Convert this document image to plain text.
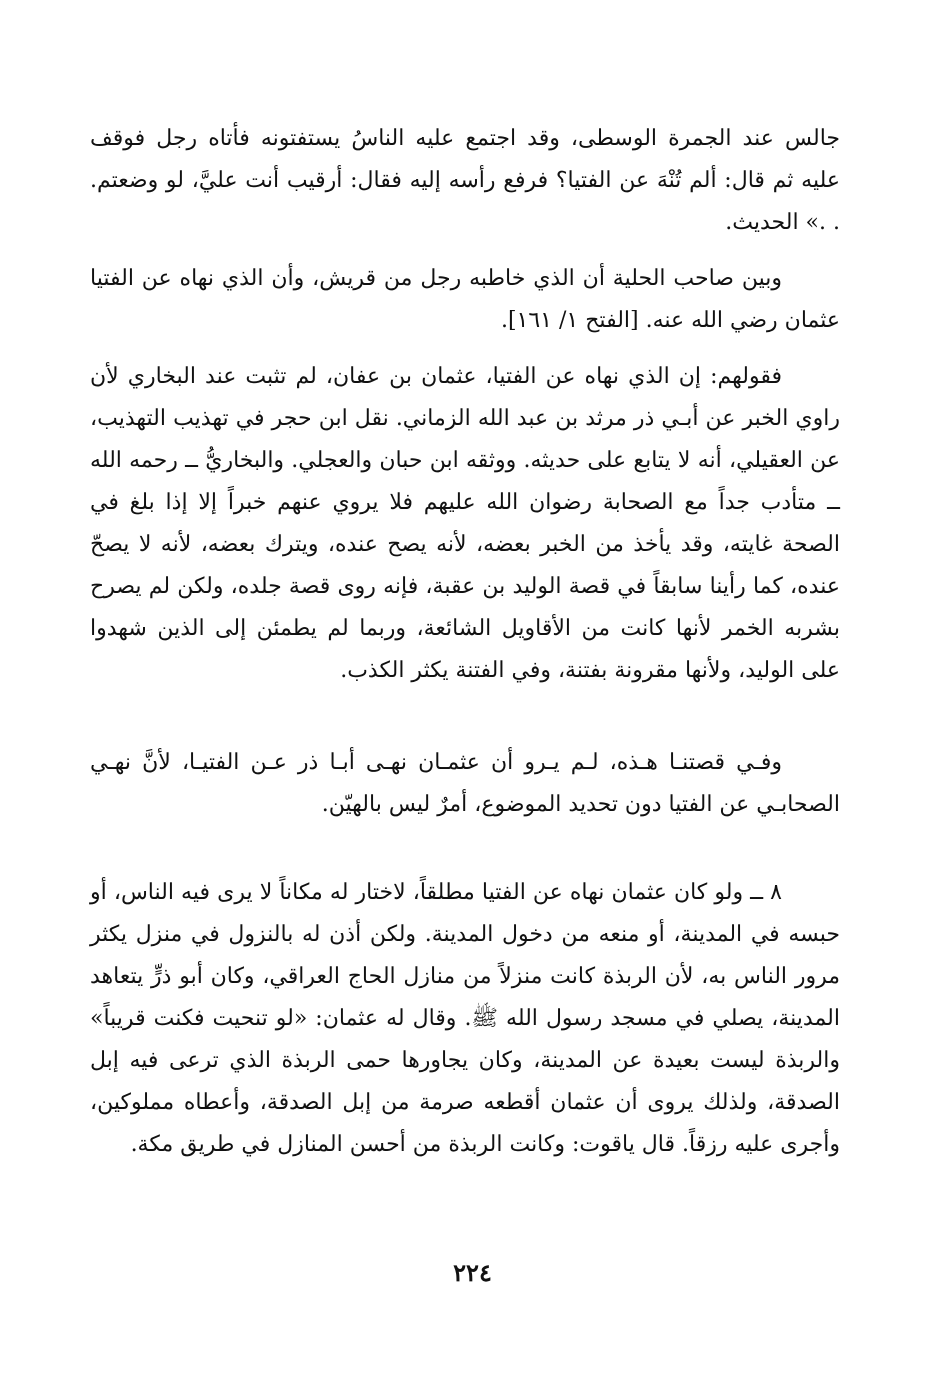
جالس عند الجمرة الوسطى، وقد اجتمع عليه الناسُ يستفتونه فأتاه رجل فوقف عليه ثم قال: ألم تُنْهَ عن الفتيا؟ فرفع رأسه إليه فقال: أرقيب أنت عليَّ، لو وضعتم. . .» الحديث.

وبين صاحب الحلية أن الذي خاطبه رجل من قريش، وأن الذي نهاه عن الفتيا عثمان رضي الله عنه. [الفتح ١/ ١٦١].

فقولهم: إن الذي نهاه عن الفتيا، عثمان بن عفان، لم تثبت عند البخاري لأن راوي الخبر عن أبـي ذر مرثد بن عبد الله الزماني. نقل ابن حجر في تهذيب التهذيب، عن العقيلي، أنه لا يتابع على حديثه. ووثقه ابن حبان والعجلي. والبخاريُّ ــ رحمه الله ــ متأدب جداً مع الصحابة رضوان الله عليهم فلا يروي عنهم خبراً إلا إذا بلغ في الصحة غايته، وقد يأخذ من الخبر بعضه، لأنه يصح عنده، ويترك بعضه، لأنه لا يصحّ عنده، كما رأينا سابقاً في قصة الوليد بن عقبة، فإنه روى قصة جلده، ولكن لم يصرح بشربه الخمر لأنها كانت من الأقاويل الشائعة، وربما لم يطمئن إلى الذين شهدوا على الوليد، ولأنها مقرونة بفتنة، وفي الفتنة يكثر الكذب.

وفـي قصتنـا هـذه، لـم يـرو أن عثمـان نهـى أبـا ذر عـن الفتيـا، لأنَّ نهـي الصحابـي عن الفتيا دون تحديد الموضوع، أمرٌ ليس بالهيّن.

٨ ــ ولو كان عثمان نهاه عن الفتيا مطلقاً، لاختار له مكاناً لا يرى فيه الناس، أو حبسه في المدينة، أو منعه من دخول المدينة. ولكن أذن له بالنزول في منزل يكثر مرور الناس به، لأن الربذة كانت منزلاً من منازل الحاج العراقي، وكان أبو ذرٍّ يتعاهد المدينة، يصلي في مسجد رسول الله ﷺ. وقال له عثمان: «لو تنحيت فكنت قريباً» والربذة ليست بعيدة عن المدينة، وكان يجاورها حمى الربذة الذي ترعى فيه إبل الصدقة، ولذلك يروى أن عثمان أقطعه صرمة من إبل الصدقة، وأعطاه مملوكين، وأجرى عليه رزقاً. قال ياقوت: وكانت الربذة من أحسن المنازل في طريق مكة.

٢٢٤
